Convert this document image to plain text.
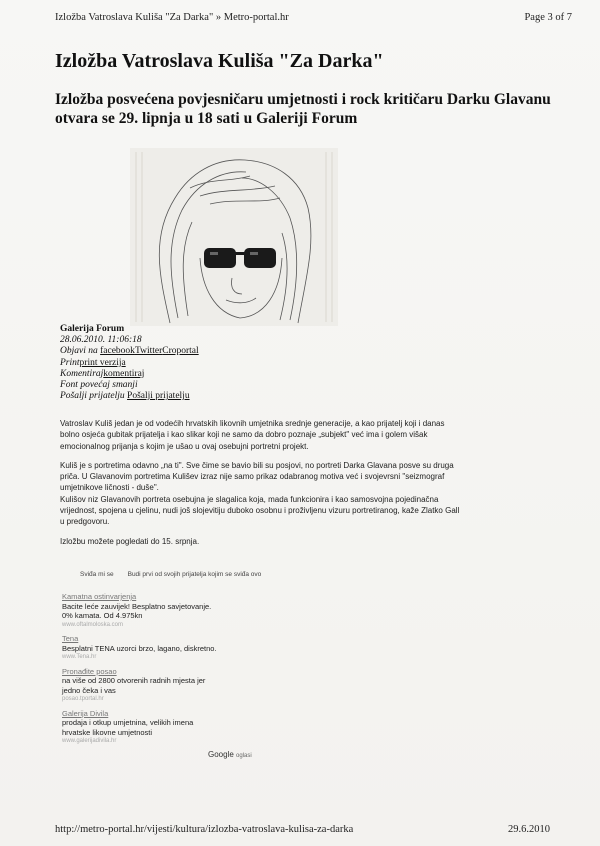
Izložba Vatroslava Kuliša "Za Darka" » Metro-portal.hr	Page 3 of 7
Izložba Vatroslava Kuliša "Za Darka"
Izložba posvećena povjesničaru umjetnosti i rock kritičaru Darku Glavanu otvara se 29. lipnja u 18 sati u Galeriji Forum
Galerija Forum
28.06.2010. 11:06:18
Objavi na facebookTwitterCroportal
Printprint verzija
Komentirajkomentiraj
Font povećaj smanji
Pošalji prijatelju Pošalji prijatelju

Vatroslav Kuliš jedan je od vodećih hrvatskih likovnih umjetnika srednje generacije, a kao prijatelj koji i danas bolno osjeća gubitak prijatelja i kao slikar koji ne samo da dobro poznaje „subjekt" već ima i golem višak emocionalnog prijanja s kojim je ušao u ovaj osebujni portretni projekt.

Kuliš je s portretima odavno „na ti". Sve čime se bavio bili su posjovi, no portreti Darka Glavana posve su druga priča. U Glavanovim portretima Kulišev izraz nije samo prikaz odabranog motiva već i svojevrsni "seizmograf umjetnikove ličnosti - duše".

Kulišov niz Glavanovih portreta osebujna je slagalica koja, mada funkcionira i kao samosvojna pojedinačna vrijednost, spojena u cjelinu, nudi još slojevitiju duboko osobnu i proživljenu vizuru portretiranog, kaže Zlatko Gall u predgovoru.

Izložbu možete pogledati do 15. srpnja.

Sviđa mi se Budi prvi od svojih prijatelja kojim se sviđa ovo
Kamatna ostinvarjenja
Bacite leće zauvijek! Besplatno savjetovanje.
0% kamata. Od 4.975kn
www.oftalmoloska.com
Tena
Besplatni TENA uzorci brzo, lagano, diskretno.
www.Tena.hr
Pronađite posao
na više od 2800 otvorenih radnih mjesta jer
jedno čeka i vas
posao.tportal.hr
Galerija Divila
prodaja i otkup umjetnina, velikih imena
hrvatske likovne umjetnosti
www.galerijadivila.hr
Google oglasi
http://metro-portal.hr/vijesti/kultura/izlozba-vatroslava-kulisa-za-darka	29.6.2010
